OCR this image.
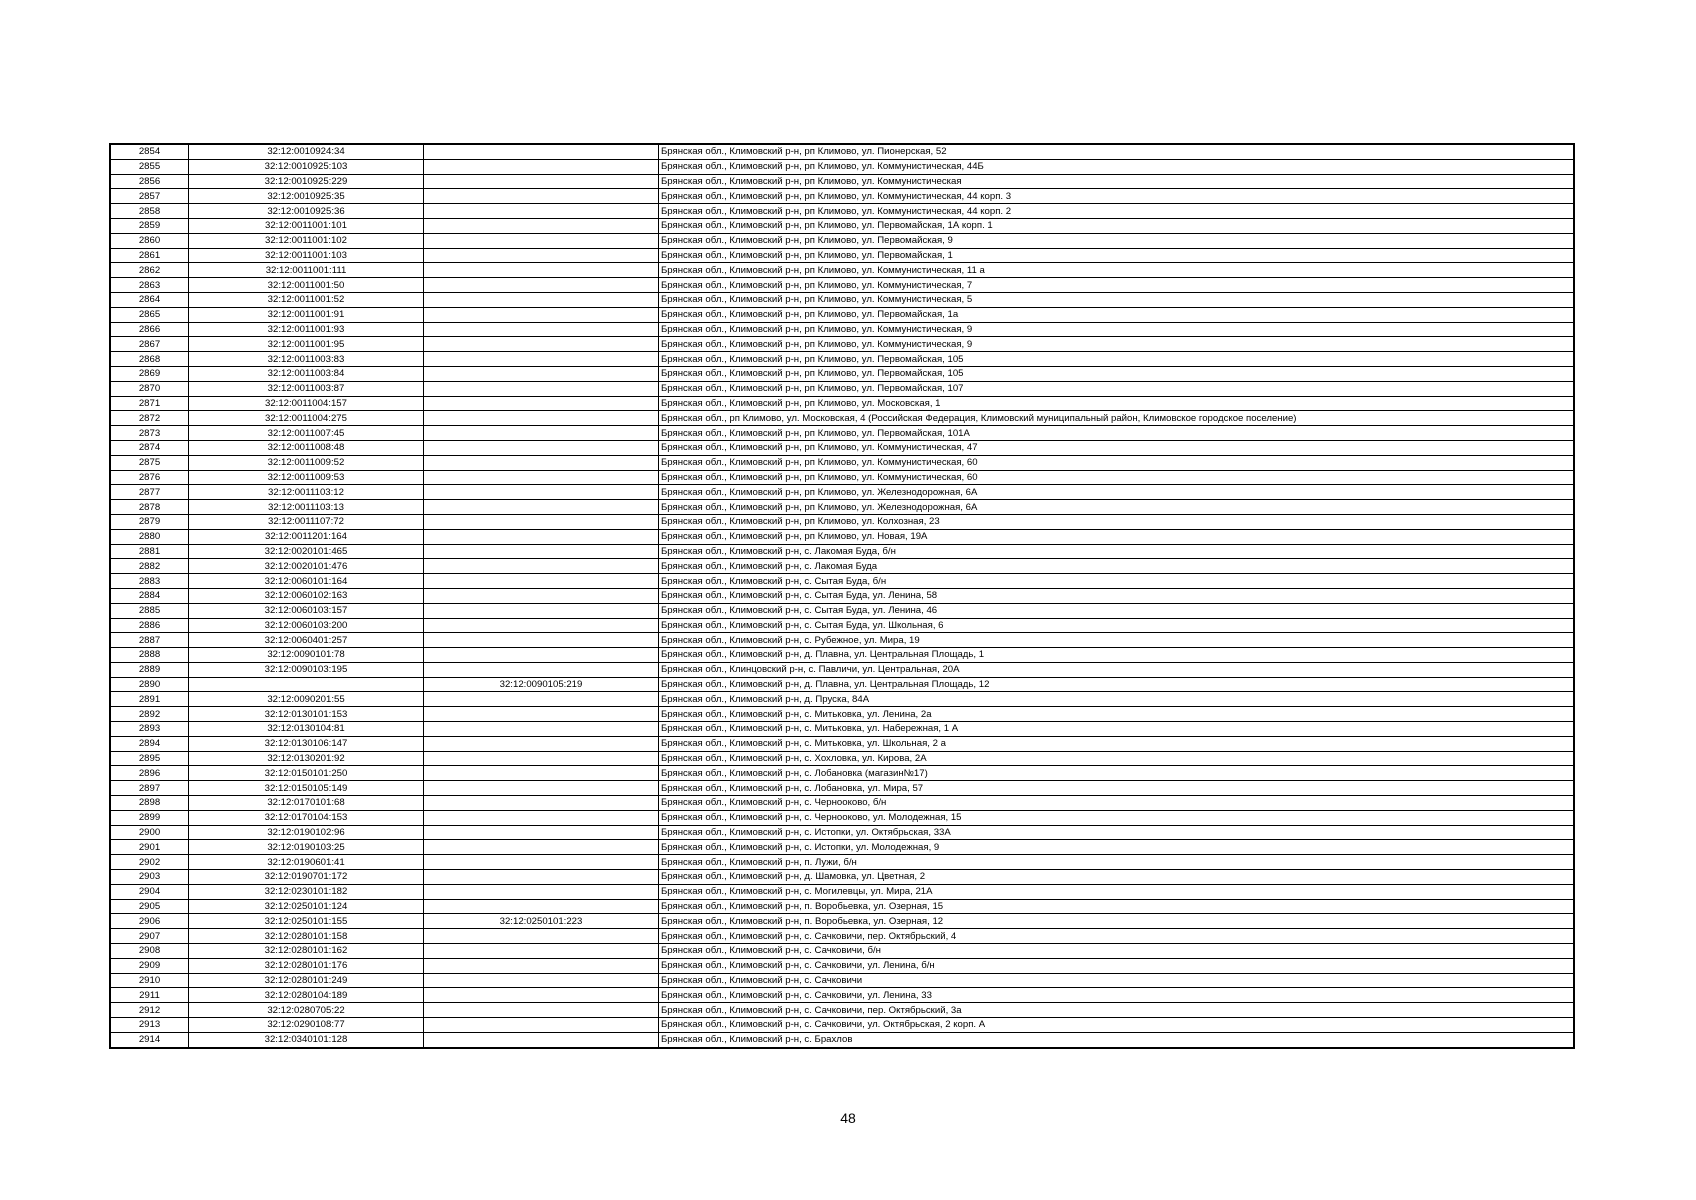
2854	32:12:0010924:34		Брянская обл., Климовский р-н, рп Климово, ул. Пионерская, 52
2855	32:12:0010925:103		Брянская обл., Климовский р-н, рп Климово, ул. Коммунистическая, 44Б
2856	32:12:0010925:229		Брянская обл., Климовский р-н, рп Климово, ул. Коммунистическая
2857	32:12:0010925:35		Брянская обл., Климовский р-н, рп Климово, ул. Коммунистическая, 44 корп. 3
2858	32:12:0010925:36		Брянская обл., Климовский р-н, рп Климово, ул. Коммунистическая, 44 корп. 2
2859	32:12:0011001:101		Брянская обл., Климовский р-н, рп Климово, ул. Первомайская, 1А корп. 1
2860	32:12:0011001:102		Брянская обл., Климовский р-н, рп Климово, ул. Первомайская, 9
2861	32:12:0011001:103		Брянская обл., Климовский р-н, рп Климово, ул. Первомайская, 1
2862	32:12:0011001:111		Брянская обл., Климовский р-н, рп Климово, ул. Коммунистическая, 11 а
2863	32:12:0011001:50		Брянская обл., Климовский р-н, рп Климово, ул. Коммунистическая, 7
2864	32:12:0011001:52		Брянская обл., Климовский р-н, рп Климово, ул. Коммунистическая, 5
2865	32:12:0011001:91		Брянская обл., Климовский р-н, рп Климово, ул. Первомайская, 1а
2866	32:12:0011001:93		Брянская обл., Климовский р-н, рп Климово, ул. Коммунистическая, 9
2867	32:12:0011001:95		Брянская обл., Климовский р-н, рп Климово, ул. Коммунистическая, 9
2868	32:12:0011003:83		Брянская обл., Климовский р-н, рп Климово, ул. Первомайская, 105
2869	32:12:0011003:84		Брянская обл., Климовский р-н, рп Климово, ул. Первомайская, 105
2870	32:12:0011003:87		Брянская обл., Климовский р-н, рп Климово, ул. Первомайская, 107
2871	32:12:0011004:157		Брянская обл., Климовский р-н, рп Климово, ул. Московская, 1
2872	32:12:0011004:275		Брянская обл., рп Климово, ул. Московская, 4 (Российская Федерация, Климовский муниципальный район, Климовское городское поселение)
2873	32:12:0011007:45		Брянская обл., Климовский р-н, рп Климово, ул. Первомайская, 101А
2874	32:12:0011008:48		Брянская обл., Климовский р-н, рп Климово, ул. Коммунистическая, 47
2875	32:12:0011009:52		Брянская обл., Климовский р-н, рп Климово, ул. Коммунистическая, 60
2876	32:12:0011009:53		Брянская обл., Климовский р-н, рп Климово, ул. Коммунистическая, 60
2877	32:12:0011103:12		Брянская обл., Климовский р-н, рп Климово, ул. Железнодорожная, 6А
2878	32:12:0011103:13		Брянская обл., Климовский р-н, рп Климово, ул. Железнодорожная, 6А
2879	32:12:0011107:72		Брянская обл., Климовский р-н, рп Климово, ул. Колхозная, 23
2880	32:12:0011201:164		Брянская обл., Климовский р-н, рп Климово, ул. Новая, 19А
2881	32:12:0020101:465		Брянская обл., Климовский р-н, с. Лакомая Буда, б/н
2882	32:12:0020101:476		Брянская обл., Климовский р-н, с. Лакомая Буда
2883	32:12:0060101:164		Брянская обл., Климовский р-н, с. Сытая Буда, б/н
2884	32:12:0060102:163		Брянская обл., Климовский р-н, с. Сытая Буда, ул. Ленина, 58
2885	32:12:0060103:157		Брянская обл., Климовский р-н, с. Сытая Буда, ул. Ленина, 46
2886	32:12:0060103:200		Брянская обл., Климовский р-н, с. Сытая Буда, ул. Школьная, 6
2887	32:12:0060401:257		Брянская обл., Климовский р-н, с. Рубежное, ул. Мира, 19
2888	32:12:0090101:78		Брянская обл., Климовский р-н, д. Плавна, ул. Центральная Площадь, 1
2889	32:12:0090103:195		Брянская обл., Клинцовский р-н, с. Павличи, ул. Центральная, 20А
2890		32:12:0090105:219	Брянская обл., Климовский р-н, д. Плавна, ул. Центральная Площадь, 12
2891	32:12:0090201:55		Брянская обл., Климовский р-н, д. Пруска, 84А
2892	32:12:0130101:153		Брянская обл., Климовский р-н, с. Митьковка, ул. Ленина, 2а
2893	32:12:0130104:81		Брянская обл., Климовский р-н, с. Митьковка, ул. Набережная, 1 А
2894	32:12:0130106:147		Брянская обл., Климовский р-н, с. Митьковка, ул. Школьная, 2 а
2895	32:12:0130201:92		Брянская обл., Климовский р-н, с. Хохловка, ул. Кирова, 2А
2896	32:12:0150101:250		Брянская обл., Климовский р-н, с. Лобановка (магазин№17)
2897	32:12:0150105:149		Брянская обл., Климовский р-н, с. Лобановка, ул. Мира, 57
2898	32:12:0170101:68		Брянская обл., Климовский р-н, с. Чернооково, б/н
2899	32:12:0170104:153		Брянская обл., Климовский р-н, с. Чернооково, ул. Молодежная, 15
2900	32:12:0190102:96		Брянская обл., Климовский р-н, с. Истопки, ул. Октябрьская, 33А
2901	32:12:0190103:25		Брянская обл., Климовский р-н, с. Истопки, ул. Молодежная, 9
2902	32:12:0190601:41		Брянская обл., Климовский р-н, п. Лужи, б/н
2903	32:12:0190701:172		Брянская обл., Климовский р-н, д. Шамовка, ул. Цветная, 2
2904	32:12:0230101:182		Брянская обл., Климовский р-н, с. Могилевцы, ул. Мира, 21А
2905	32:12:0250101:124		Брянская обл., Климовский р-н, п. Воробьевка, ул. Озерная, 15
2906	32:12:0250101:155	32:12:0250101:223	Брянская обл., Климовский р-н, п. Воробьевка, ул. Озерная, 12
2907	32:12:0280101:158		Брянская обл., Климовский р-н, с. Сачковичи, пер. Октябрьский, 4
2908	32:12:0280101:162		Брянская обл., Климовский р-н, с. Сачковичи, б/н
2909	32:12:0280101:176		Брянская обл., Климовский р-н, с. Сачковичи, ул. Ленина, б/н
2910	32:12:0280101:249		Брянская обл., Климовский р-н, с. Сачковичи
2911	32:12:0280104:189		Брянская обл., Климовский р-н, с. Сачковичи, ул. Ленина, 33
2912	32:12:0280705:22		Брянская обл., Климовский р-н, с. Сачковичи, пер. Октябрьский, 3а
2913	32:12:0290108:77		Брянская обл., Климовский р-н, с. Сачковичи, ул. Октябрьская, 2 корп. А
2914	32:12:0340101:128		Брянская обл., Климовский р-н, с. Брахлов
48
